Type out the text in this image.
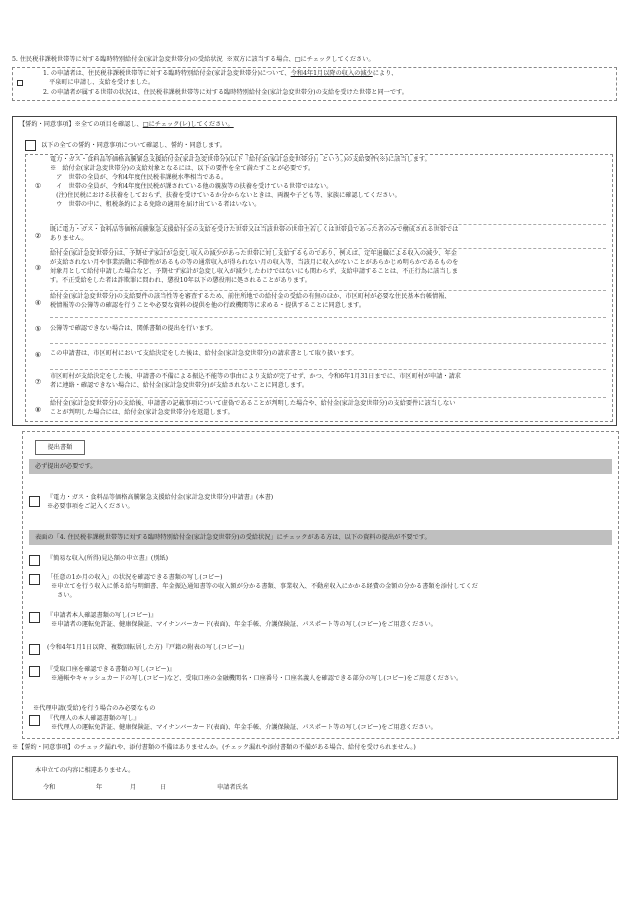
5. 住民税非課税世帯等に対する臨時特別給付金(家計急変世帯分)の受給状況 ※双方に該当する場合、□にチェックしてください。
1. の申請者は、住民税非課税世帯等に対する臨時特別給付金(家計急変世帯分)について、令和4年1月以降の収入の減少により、
平泉町に申請し、支給を受けました。
2. の申請者が属する世帯の状況は、住民税非課税世帯等に対する臨時特別給付金(家計急変世帯分)の支給を受けた世帯と同一です。
【誓約・同意事項】※全ての項目を確認し、□にチェック(レ)してください。
以下の全ての誓約・同意事項について確認し、誓約・同意します。
①
電力・ガス・食料品等価格高騰緊急支援給付金(家計急変世帯分)(以下「給付金(家計急変世帯分)」という。)の支給要件(※)に該当します。
※　給付金(家計急変世帯分)の支給対象となるには、以下の要件を全て満たすことが必要です。
　ア　世帯の全員が、令和4年度住民税非課税水準相当である。
　イ　世帯の全員が、令和4年度住民税が課されている他の親族等の扶養を受けている世帯ではない。
　(注)住民税における扶養をしておらず、扶養を受けているか分からないときは、両親や子ども等、家族に確認してください。
　ウ　世帯の中に、租税条約による免除の適用を届け出ている者はいない。
②
既に電力・ガス・食料品等価格高騰緊急支援給付金の支給を受けた世帯又は当該世帯の世帯主若しくは世帯員であった者のみで構成される世帯では
ありません。
③
給付金(家計急変世帯分)は、予期せず家計が急変し収入の減少があった世帯に対し支給するものであり、例えば、定年退職による収入の減少、年金
が支給されない月や事業活動に季節性があるもの等の通常収入が得られない月の収入等、当該月に収入がないことがあらかじめ明らかであるものを
対象月として給付申請した場合など、予期せず家計が急変し収入が減少したわけではないにも関わらず、支給申請することは、不正行為に該当しま
す。不正受給をした者は詐欺罪に問われ、懲役10年以下の懲役刑に処されることがあります。
④
給付金(家計急変世帯分)の支給要件の該当性等を審査するため、前住所地での給付金の受給の有無のほか、市区町村が必要な住民基本台帳情報、
税情報等の公簿等の確認を行うことや必要な資料の提供を他の行政機関等に求める・提供することに同意します。
⑤	公簿等で確認できない場合は、関係書類の提出を行います。
⑥	この申請書は、市区町村において支給決定をした後は、給付金(家計急変世帯分)の請求書として取り扱います。
⑦
市区町村が支給決定をした後、申請書の不備による振込不能等の事由により支給が完了せず、かつ、令和6年1月31日までに、市区町村が申請・請求
者に連絡・確認できない場合に、給付金(家計急変世帯分)が支給されないことに同意します。
⑧
給付金(家計急変世帯分)の支給後、申請書の記載事項について虚偽であることが判明した場合や、給付金(家計急変世帯分)の支給要件に該当しない
ことが判明した場合には、給付金(家計急変世帯分)を返還します。
提出書類
必ず提出が必要です。
『電力・ガス・食料品等価格高騰緊急支援給付金(家計急変世帯分)申請書』(本書)
※必要事項をご記入ください。
表面の「4. 住民税非課税世帯等に対する臨時特別給付金(家計急変世帯分)の受給状況」にチェックがある方は、以下の資料の提出が不要です。
『簡易な収入(所得)見込額の申立書』(別紙)
「任意の1か月の収入」の状況を確認できる書類の写し(コピー)
※申立てを行う収入に係る給与明細書、年金振込通知書等の収入額が分かる書類、事業収入、不動産収入にかかる経費の金額の分かる書類を添付してくだ
　さい。
『申請者本人確認書類の写し(コピー)』
※申請者の運転免許証、健康保険証、マイナンバーカード(表面)、年金手帳、介護保険証、パスポート等の写し(コピー)をご用意ください。
(令和4年1月1日以降、複数回転居した方)『戸籍の附表の写し(コピー)』
『受取口座を確認できる書類の写し(コピー)』
※通帳やキャッシュカードの写し(コピー)など、受取口座の金融機関名・口座番号・口座名義人を確認できる部分の写し(コピー)をご用意ください。
※代理申請(受給)を行う場合のみ必要なもの
『代理人の本人確認書類の写し』
※代理人の運転免許証、健康保険証、マイナンバーカード(表面)、年金手帳、介護保険証、パスポート等の写し(コピー)をご用意ください。
※【誓約・同意事項】のチェック漏れや、添付書類の不備はありませんか。(チェック漏れや添付書類の不備がある場合、給付を受けられません。)
本申立ての内容に相違ありません。
令和	年	月	日	申請者氏名
